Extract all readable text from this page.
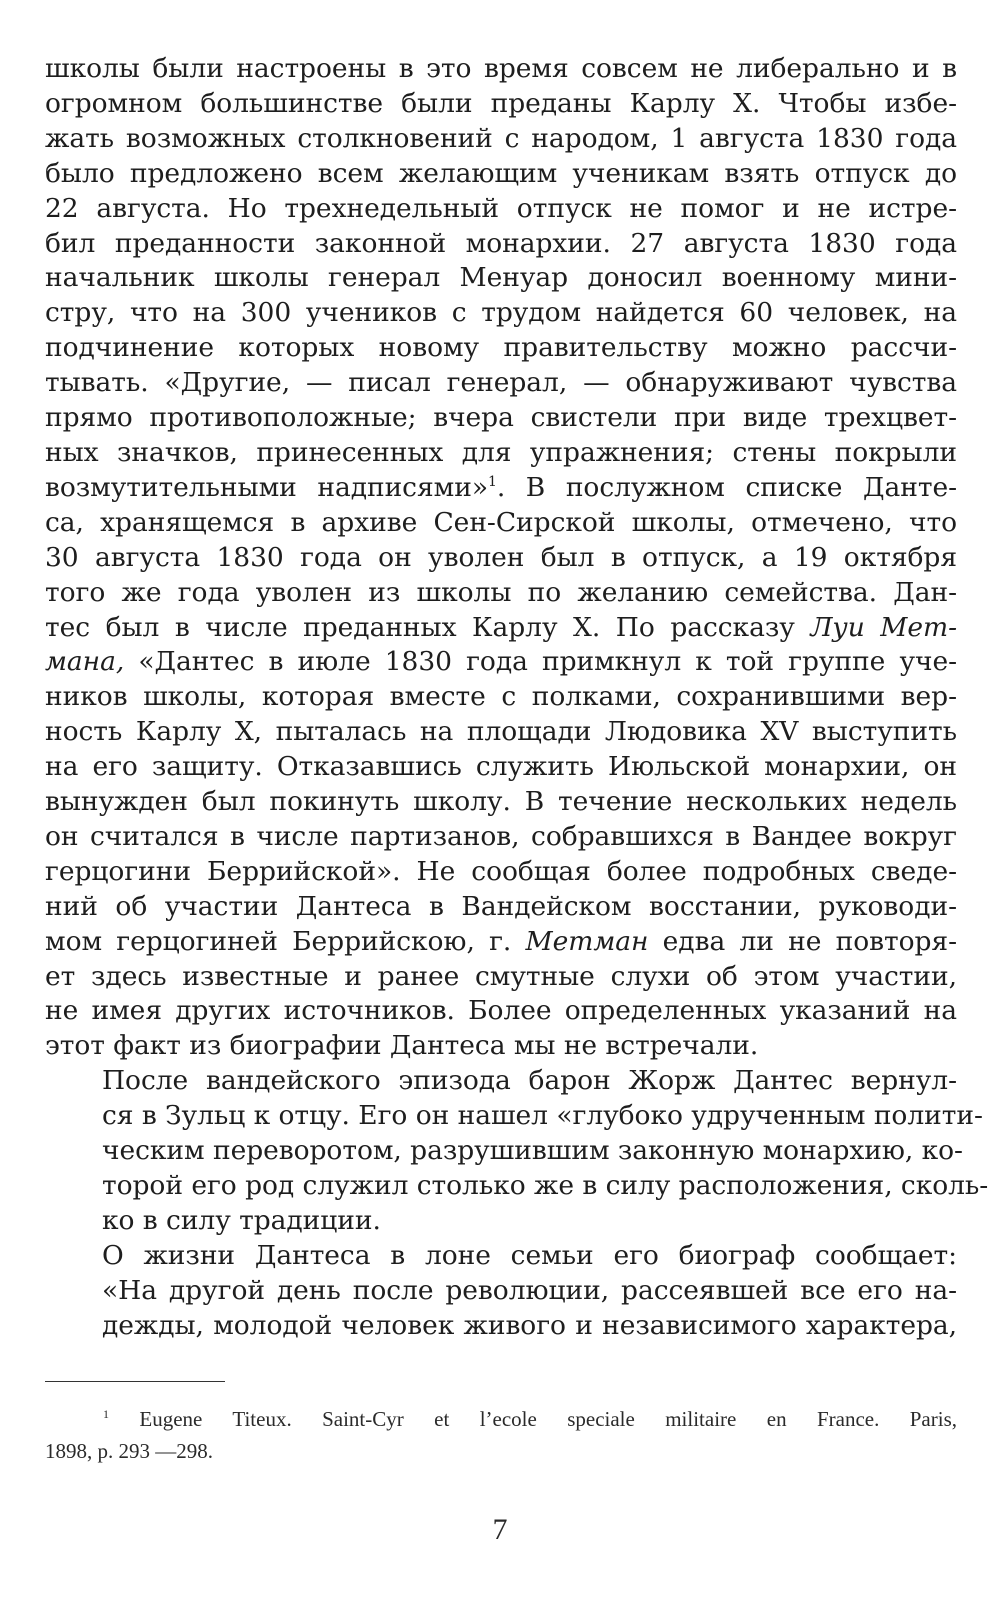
школы были настроены в это время совсем не либерально и в
огромном большинстве были преданы Карлу X. Чтобы избе-
жать возможных столкновений с народом, 1 августа 1830 года
было предложено всем желающим ученикам взять отпуск до
22 августа. Но трехнедельный отпуск не помог и не истре-
бил преданности законной монархии. 27 августа 1830 года
начальник школы генерал Менуар доносил военному мини-
стру, что на 300 учеников с трудом найдется 60 человек, на
подчинение которых новому правительству можно рассчи-
тывать. «Другие, — писал генерал, — обнаруживают чувства
прямо противоположные; вчера свистели при виде трехцвет-
ных значков, принесенных для упражнения; стены покрыли
возмутительными надписями»$^1$. В послужном списке Данте-
са, хранящемся в архиве Сен-Сирской школы, отмечено, что
30 августа 1830 года он уволен был в отпуск, а 19 октября
того же года уволен из школы по желанию семейства. Дан-
тес был в числе преданных Карлу X. По рассказу Луи Мет-
мана, «Дантес в июле 1830 года примкнул к той группе уче-
ников школы, которая вместе с полками, сохранившими вер-
ность Карлу X, пыталась на площади Людовика XV выступить
на его защиту. Отказавшись служить Июльской монархии, он
вынужден был покинуть школу. В течение нескольких недель
он считался в числе партизанов, собравшихся в Вандее вокруг
герцогини Беррийской». Не сообщая более подробных сведе-
ний об участии Дантеса в Вандейском восстании, руководи-
мом герцогиней Беррийскою, г. Метман едва ли не повторя-
ет здесь известные и ранее смутные слухи об этом участии,
не имея других источников. Более определенных указаний на
этот факт из биографии Дантеса мы не встречали.
После вандейского эпизода барон Жорж Дантес вернул-
ся в Зульц к отцу. Его он нашел «глубоко удрученным полити-
ческим переворотом, разрушившим законную монархию, ко-
торой его род служил столько же в силу расположения, сколь-
ко в силу традиции.
О жизни Дантеса в лоне семьи его биограф сообщает:
«На другой день после революции, рассеявшей все его на-
дежды, молодой человек живого и независимого характера,
$^1$ Eugene Titeux. Saint-Cyr et l’ecole speciale militaire en France. Paris,
1898, p. 293 —298.
7
